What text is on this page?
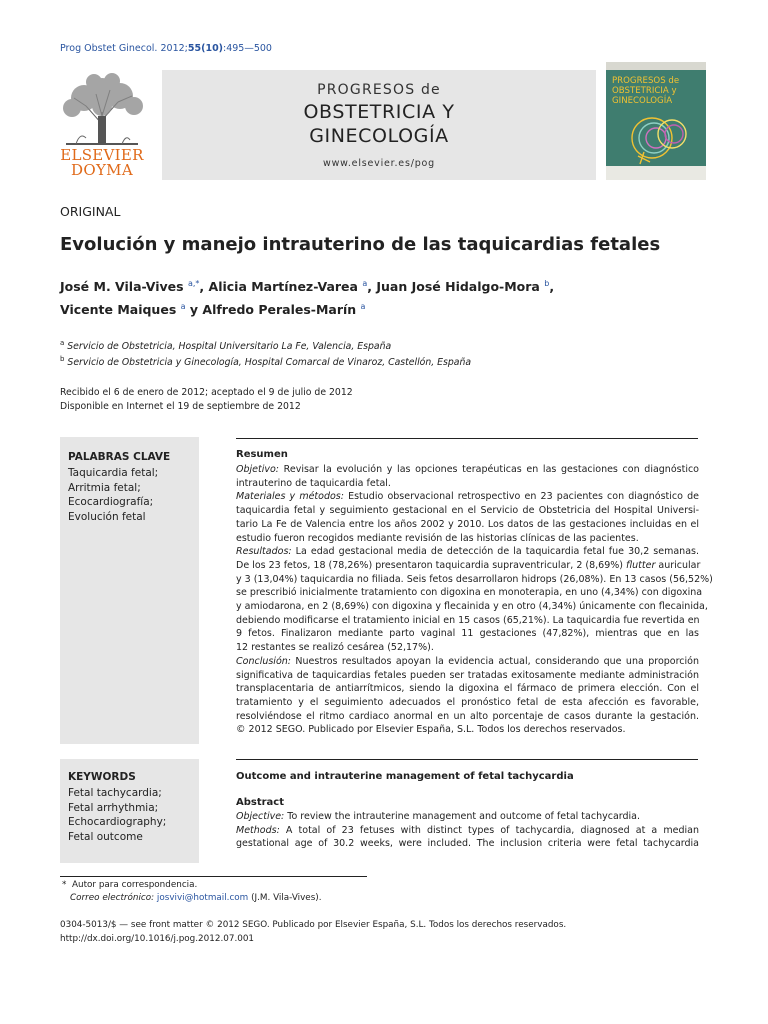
Prog Obstet Ginecol. 2012;55(10):495—500
ELSEVIER
DOYMA
PROGRESOS de
OBSTETRICIA Y
GINECOLOGÍA
www.elsevier.es/pog
PROGRESOS de
OBSTETRICIA y
GINECOLOGÍA
ORIGINAL
Evolución y manejo intrauterino de las taquicardias fetales
José M. Vila-Vives $^{a,*}$, Alicia Martínez-Varea $^a$, Juan José Hidalgo-Mora $^b$,
Vicente Maiques $^a$ y Alfredo Perales-Marín $^a$
$^a$ Servicio de Obstetricia, Hospital Universitario La Fe, Valencia, España
$^b$ Servicio de Obstetricia y Ginecología, Hospital Comarcal de Vinaroz, Castellón, España
Recibido el 6 de enero de 2012; aceptado el 9 de julio de 2012
Disponible en Internet el 19 de septiembre de 2012
PALABRAS CLAVE
Taquicardia fetal;
Arritmia fetal;
Ecocardiografía;
Evolución fetal
KEYWORDS
Fetal tachycardia;
Fetal arrhythmia;
Echocardiography;
Fetal outcome
Resumen
Objetivo: Revisar la evolución y las opciones terapéuticas en las gestaciones con diagnóstico
intrauterino de taquicardia fetal.
Materiales y métodos: Estudio observacional retrospectivo en 23 pacientes con diagnóstico de
taquicardia fetal y seguimiento gestacional en el Servicio de Obstetricia del Hospital Universi-
tario La Fe de Valencia entre los años 2002 y 2010. Los datos de las gestaciones incluidas en el
estudio fueron recogidos mediante revisión de las historias clínicas de las pacientes.
Resultados: La edad gestacional media de detección de la taquicardia fetal fue 30,2 semanas.
De los 23 fetos, 18 (78,26%) presentaron taquicardia supraventricular, 2 (8,69%) flutter auricular
y 3 (13,04%) taquicardia no filiada. Seis fetos desarrollaron hidrops (26,08%). En 13 casos (56,52%)
se prescribió inicialmente tratamiento con digoxina en monoterapia, en uno (4,34%) con digoxina
y amiodarona, en 2 (8,69%) con digoxina y flecainida y en otro (4,34%) únicamente con flecainida,
debiendo modificarse el tratamiento inicial en 15 casos (65,21%). La taquicardia fue revertida en
9 fetos. Finalizaron mediante parto vaginal 11 gestaciones (47,82%), mientras que en las
12 restantes se realizó cesárea (52,17%).
Conclusión: Nuestros resultados apoyan la evidencia actual, considerando que una proporción
significativa de taquicardias fetales pueden ser tratadas exitosamente mediante administración
transplacentaria de antiarrítmicos, siendo la digoxina el fármaco de primera elección. Con el
tratamiento y el seguimiento adecuados el pronóstico fetal de esta afección es favorable,
resolviéndose el ritmo cardiaco anormal en un alto porcentaje de casos durante la gestación.
© 2012 SEGO. Publicado por Elsevier España, S.L. Todos los derechos reservados.
Outcome and intrauterine management of fetal tachycardia
Abstract
Objective: To review the intrauterine management and outcome of fetal tachycardia.
Methods: A total of 23 fetuses with distinct types of tachycardia, diagnosed at a median
gestational age of 30.2 weeks, were included. The inclusion criteria were fetal tachycardia
* Autor para correspondencia.
Correo electrónico: josvivi@hotmail.com (J.M. Vila-Vives).
0304-5013/$ — see front matter © 2012 SEGO. Publicado por Elsevier España, S.L. Todos los derechos reservados.
http://dx.doi.org/10.1016/j.pog.2012.07.001
